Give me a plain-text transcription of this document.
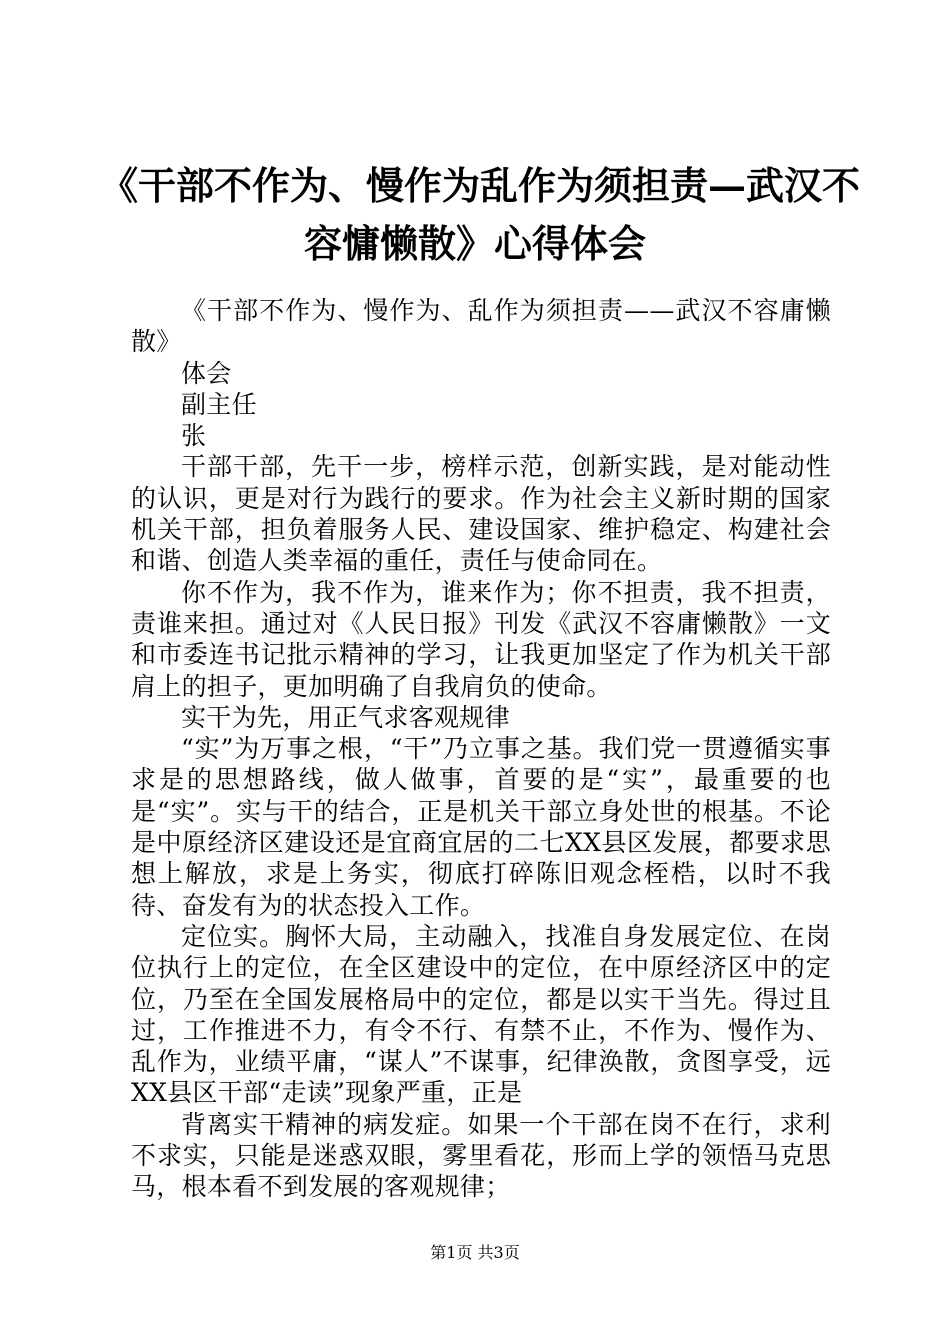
《干部不作为、慢作为乱作为须担责—武汉不
容慵懒散》心得体会

《干部不作为、慢作为、乱作为须担责——武汉不容庸懒散》

体会

副主任

张

干部干部，先干一步，榜样示范，创新实践，是对能动性的认识，更是对行为践行的要求。作为社会主义新时期的国家机关干部，担负着服务人民、建设国家、维护稳定、构建社会和谐、创造人类幸福的重任，责任与使命同在。

你不作为，我不作为，谁来作为；你不担责，我不担责，责谁来担。通过对《人民日报》刊发《武汉不容庸懒散》一文和市委连书记批示精神的学习，让我更加坚定了作为机关干部肩上的担子，更加明确了自我肩负的使命。

实干为先，用正气求客观规律

“实”为万事之根，“干”乃立事之基。我们党一贯遵循实事求是的思想路线，做人做事，首要的是“实”，最重要的也是“实”。实与干的结合，正是机关干部立身处世的根基。不论是中原经济区建设还是宜商宜居的二七XX县区发展，都要求思想上解放，求是上务实，彻底打碎陈旧观念桎梏，以时不我待、奋发有为的状态投入工作。

定位实。胸怀大局，主动融入，找准自身发展定位、在岗位执行上的定位，在全区建设中的定位，在中原经济区中的定位，乃至在全国发展格局中的定位，都是以实干当先。得过且过，工作推进不力，有令不行、有禁不止，不作为、慢作为、乱作为，业绩平庸，“谋人”不谋事，纪律涣散，贪图享受，远XX县区干部“走读”现象严重，正是

背离实干精神的病发症。如果一个干部在岗不在行，求利不求实，只能是迷惑双眼，雾里看花，形而上学的领悟马克思马，根本看不到发展的客观规律；

第1页 共3页
